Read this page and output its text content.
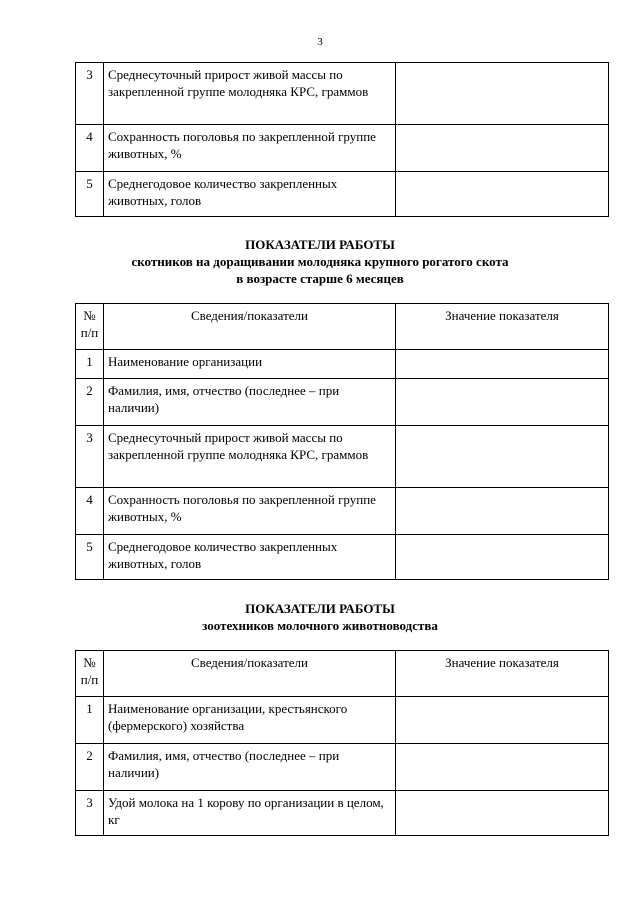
3
3	Среднесуточный прирост живой массы по закрепленной группе молодняка КРС, граммов	
4	Сохранность поголовья по закрепленной группе животных, %	
5	Среднегодовое количество закрепленных животных, голов	
ПОКАЗАТЕЛИ РАБОТЫ
скотников на доращивании молодняка крупного рогатого скота
в возрасте старше 6 месяцев
№
п/п	Сведения/показатели	Значение показателя
1	Наименование организации	
2	Фамилия, имя, отчество (последнее – при наличии)	
3	Среднесуточный прирост живой массы по закрепленной группе молодняка КРС, граммов	
4	Сохранность поголовья по закрепленной группе животных, %	
5	Среднегодовое количество закрепленных животных, голов	
ПОКАЗАТЕЛИ РАБОТЫ
зоотехников молочного животноводства
№
п/п	Сведения/показатели	Значение показателя
1	Наименование организации, крестьянского (фермерского) хозяйства	
2	Фамилия, имя, отчество (последнее – при наличии)	
3	Удой молока на 1 корову по организации в целом, кг	
